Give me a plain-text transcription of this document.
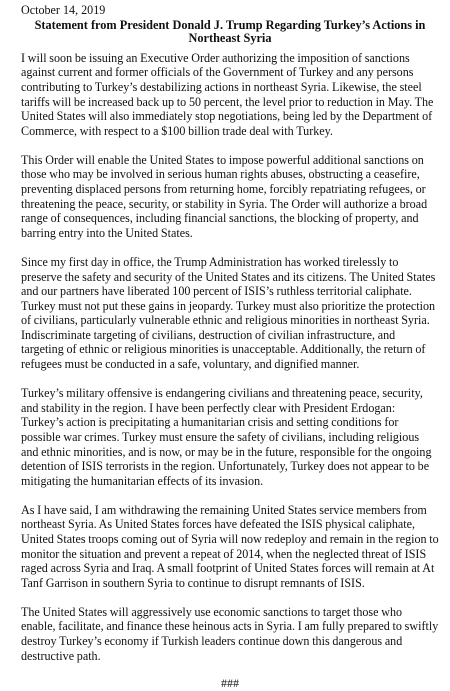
October 14, 2019
Statement from President Donald J. Trump Regarding Turkey’s Actions in
Northeast Syria

I will soon be issuing an Executive Order authorizing the imposition of sanctions against current and former officials of the Government of Turkey and any persons contributing to Turkey’s destabilizing actions in northeast Syria. Likewise, the steel tariffs will be increased back up to 50 percent, the level prior to reduction in May. The United States will also immediately stop negotiations, being led by the Department of Commerce, with respect to a $100 billion trade deal with Turkey.

This Order will enable the United States to impose powerful additional sanctions on those who may be involved in serious human rights abuses, obstructing a ceasefire, preventing displaced persons from returning home, forcibly repatriating refugees, or threatening the peace, security, or stability in Syria. The Order will authorize a broad range of consequences, including financial sanctions, the blocking of property, and barring entry into the United States.

Since my first day in office, the Trump Administration has worked tirelessly to preserve the safety and security of the United States and its citizens. The United States and our partners have liberated 100 percent of ISIS’s ruthless territorial caliphate. Turkey must not put these gains in jeopardy. Turkey must also prioritize the protection of civilians, particularly vulnerable ethnic and religious minorities in northeast Syria. Indiscriminate targeting of civilians, destruction of civilian infrastructure, and targeting of ethnic or religious minorities is unacceptable. Additionally, the return of refugees must be conducted in a safe, voluntary, and dignified manner.

Turkey’s military offensive is endangering civilians and threatening peace, security, and stability in the region. I have been perfectly clear with President Erdogan: Turkey’s action is precipitating a humanitarian crisis and setting conditions for possible war crimes. Turkey must ensure the safety of civilians, including religious and ethnic minorities, and is now, or may be in the future, responsible for the ongoing detention of ISIS terrorists in the region. Unfortunately, Turkey does not appear to be mitigating the humanitarian effects of its invasion.

As I have said, I am withdrawing the remaining United States service members from northeast Syria. As United States forces have defeated the ISIS physical caliphate, United States troops coming out of Syria will now redeploy and remain in the region to monitor the situation and prevent a repeat of 2014, when the neglected threat of ISIS raged across Syria and Iraq. A small footprint of United States forces will remain at At Tanf Garrison in southern Syria to continue to disrupt remnants of ISIS.

The United States will aggressively use economic sanctions to target those who enable, facilitate, and finance these heinous acts in Syria. I am fully prepared to swiftly destroy Turkey’s economy if Turkish leaders continue down this dangerous and destructive path.

###
